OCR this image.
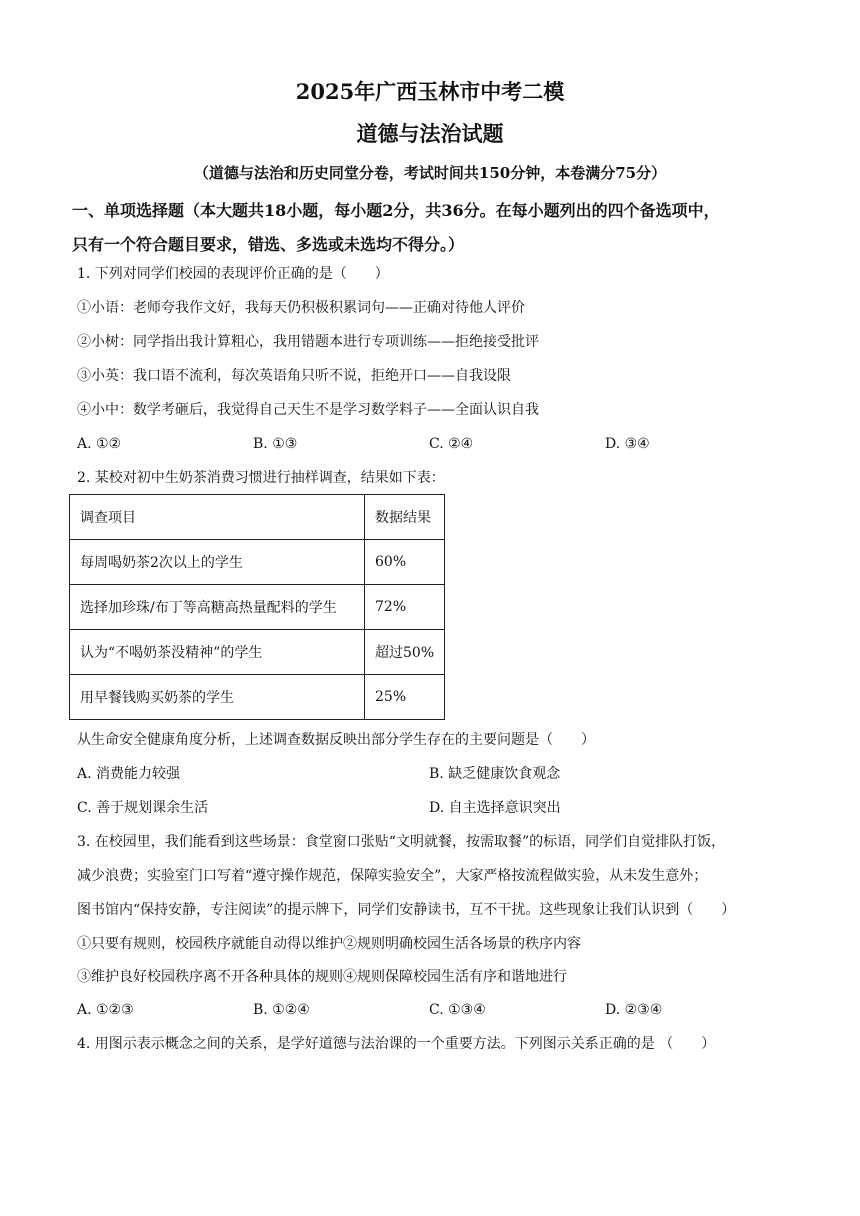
2025年广西玉林市中考二模
道德与法治试题
（道德与法治和历史同堂分卷，考试时间共150分钟，本卷满分75分）
一、单项选择题（本大题共18小题，每小题2分，共36分。在每小题列出的四个备选项中，
只有一个符合题目要求，错选、多选或未选均不得分。）
1. 下列对同学们校园的表现评价正确的是（　　）
①小语：老师夸我作文好，我每天仍积极积累词句——正确对待他人评价
②小树：同学指出我计算粗心，我用错题本进行专项训练——拒绝接受批评
③小英：我口语不流利，每次英语角只听不说，拒绝开口——自我设限
④小中：数学考砸后，我觉得自己天生不是学习数学料子——全面认识自我
A. ①②	B. ①③	C. ②④	D. ③④
2. 某校对初中生奶茶消费习惯进行抽样调查，结果如下表：
调查项目	数据结果
每周喝奶茶2次以上的学生	60%
选择加珍珠/布丁等高糖高热量配料的学生	72%
认为“不喝奶茶没精神”的学生	超过50%
用早餐钱购买奶茶的学生	25%
从生命安全健康角度分析，上述调查数据反映出部分学生存在的主要问题是（　　）
A. 消费能力较强	B. 缺乏健康饮食观念
C. 善于规划课余生活	D. 自主选择意识突出
3. 在校园里，我们能看到这些场景：食堂窗口张贴“文明就餐，按需取餐”的标语，同学们自觉排队打饭，
减少浪费；实验室门口写着“遵守操作规范，保障实验安全”，大家严格按流程做实验，从未发生意外；
图书馆内“保持安静，专注阅读”的提示牌下，同学们安静读书，互不干扰。这些现象让我们认识到（　　）
①只要有规则，校园秩序就能自动得以维护②规则明确校园生活各场景的秩序内容
③维护良好校园秩序离不开各种具体的规则④规则保障校园生活有序和谐地进行
A. ①②③	B. ①②④	C. ①③④	D. ②③④
4. 用图示表示概念之间的关系，是学好道德与法治课的一个重要方法。下列图示关系正确的是 （　　）
